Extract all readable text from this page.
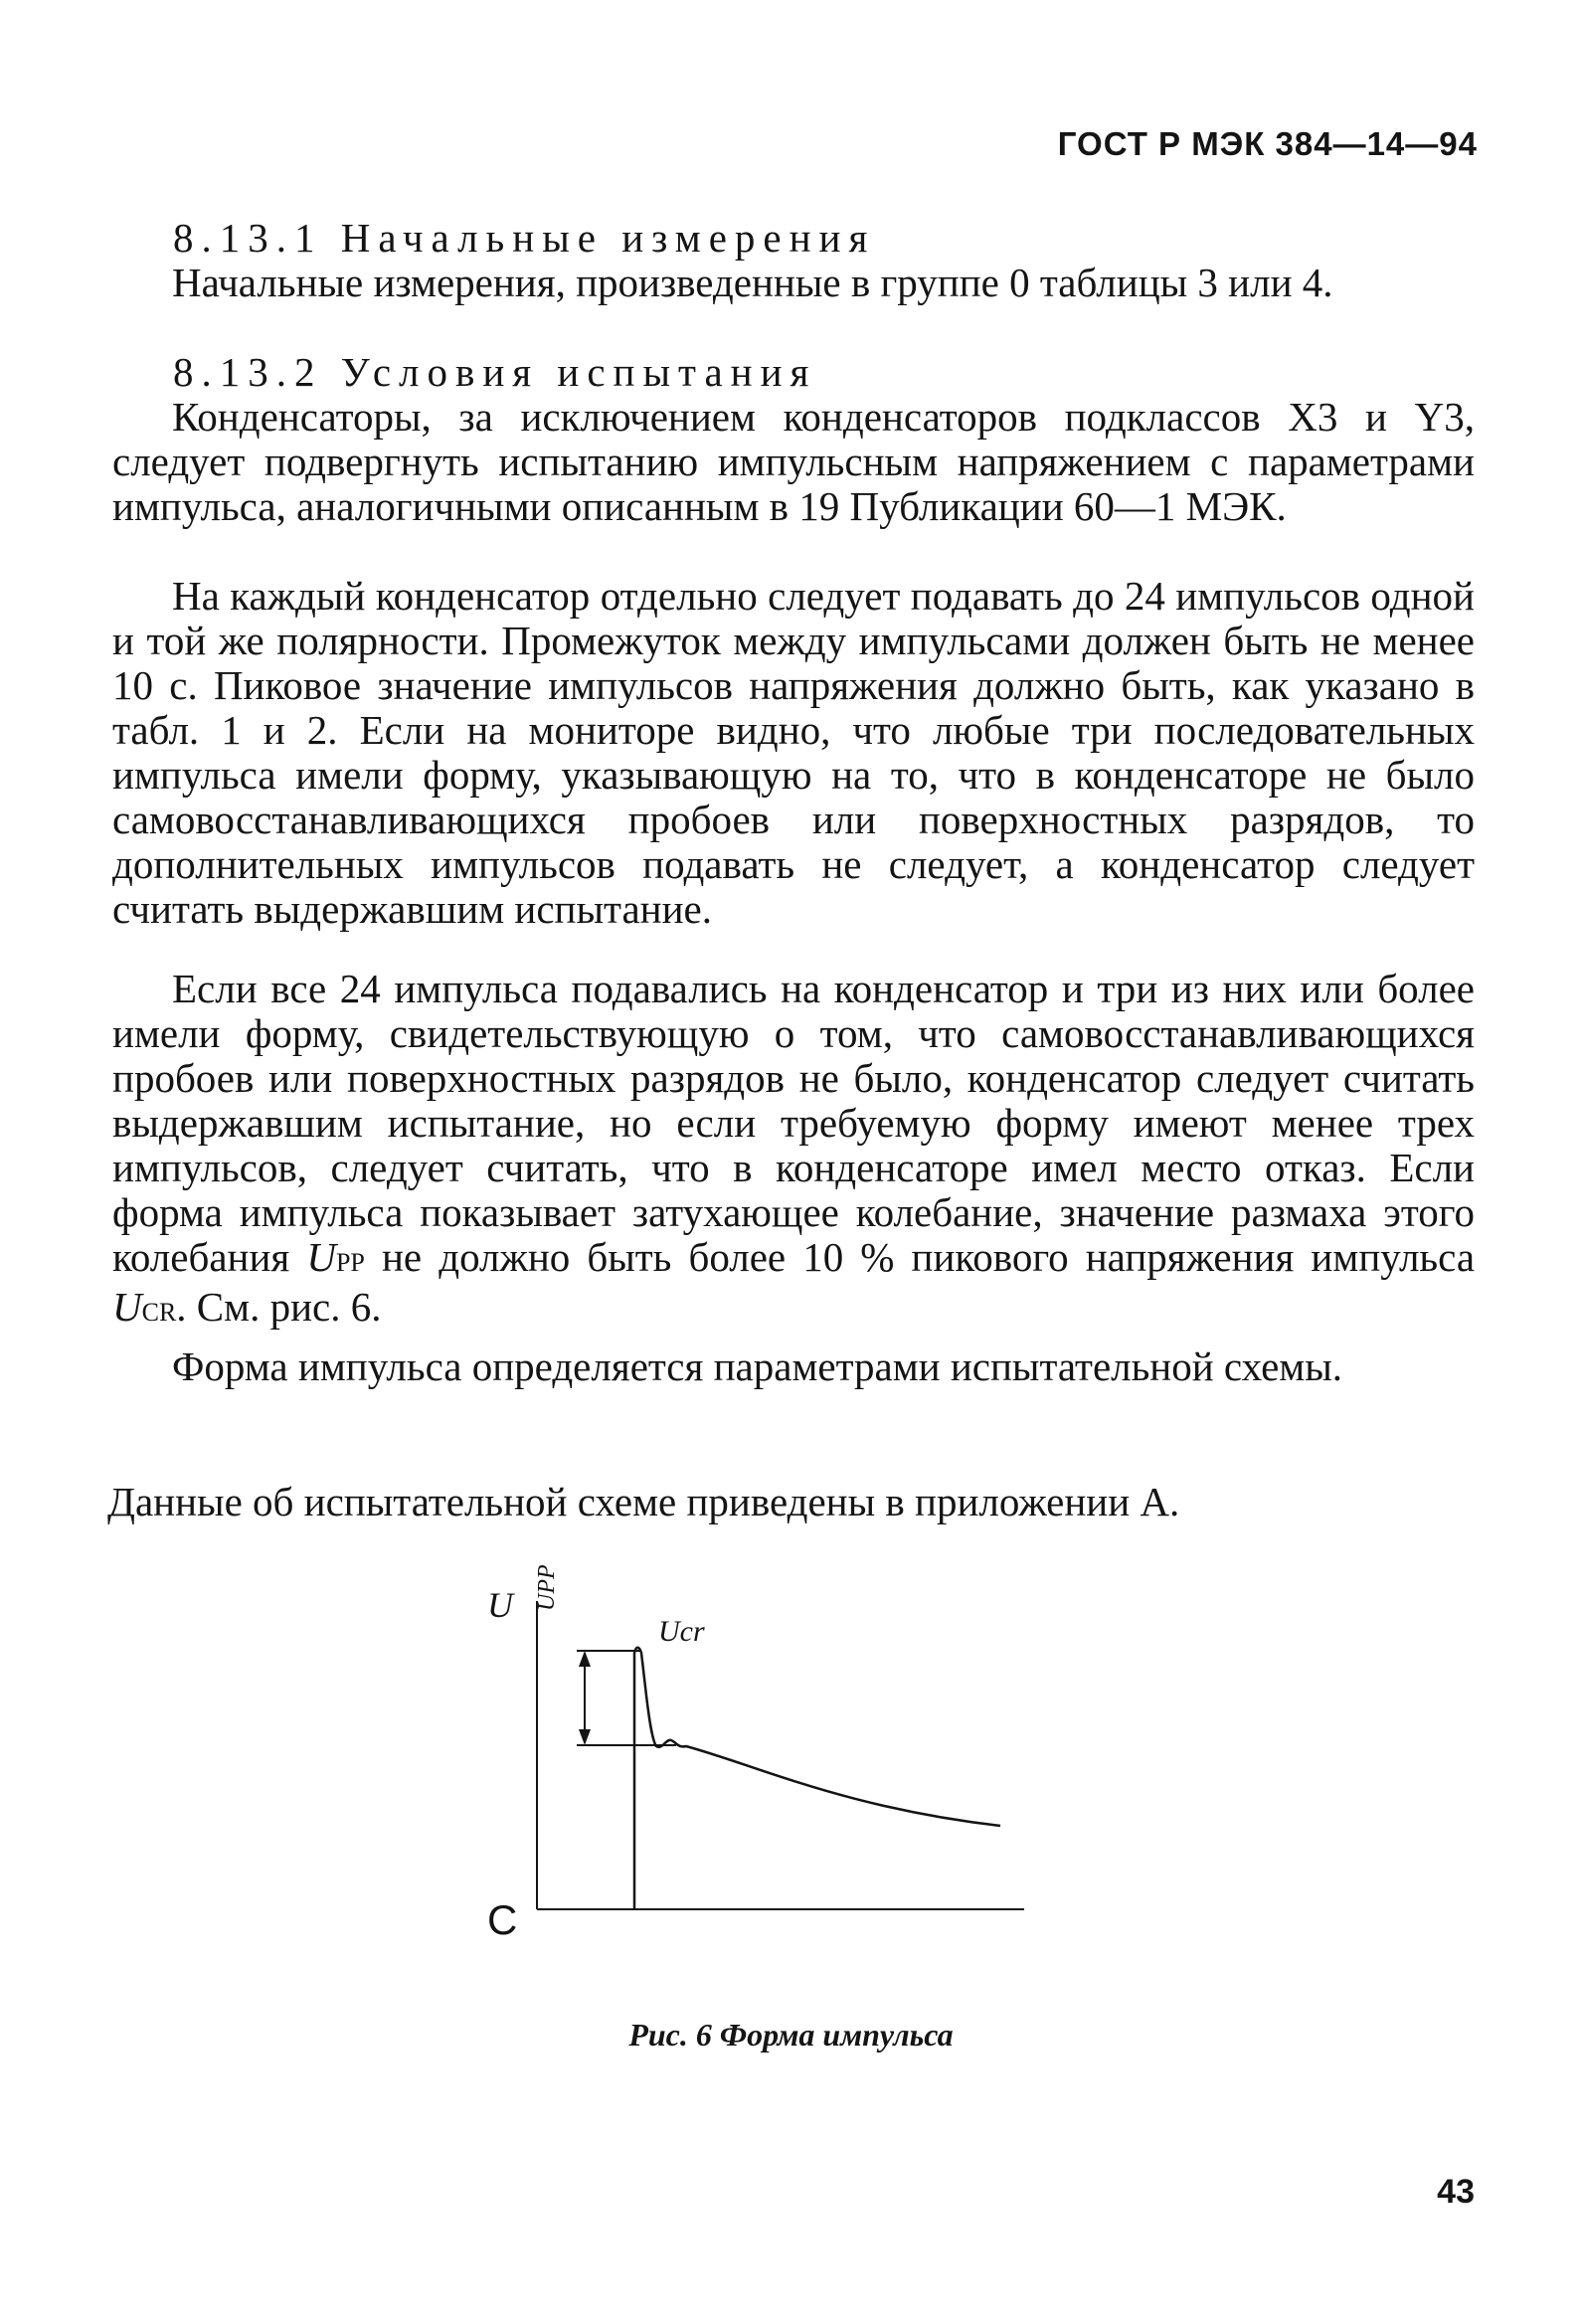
ГОСТ Р МЭК 384—14—94
8.13.1 Начальные измерения
Начальные измерения, произведенные в группе 0 таблицы 3 или 4.
8.13.2 Условия испытания
Конденсаторы, за исключением конденсаторов подклассов X3 и Y3, следует подвергнуть испытанию импульсным напряжением с параметрами импульса, аналогичными описанным в 19 Публикации 60—1 МЭК.
На каждый конденсатор отдельно следует подавать до 24 импульсов одной и той же полярности. Промежуток между импульсами должен быть не менее 10 с. Пиковое значение импульсов напряжения должно быть, как указано в табл. 1 и 2. Если на мониторе видно, что любые три последовательных импульса имели форму, указывающую на то, что в конденсаторе не было самовосстанавливающихся пробоев или поверхностных разрядов, то дополнительных импульсов подавать не следует, а конденсатор следует считать выдержавшим испытание.
Если все 24 импульса подавались на конденсатор и три из них или более имели форму, свидетельствующую о том, что самовосстанавливающихся пробоев или поверхностных разрядов не было, конденсатор следует считать выдержавшим испытание, но если требуемую форму имеют менее трех импульсов, следует считать, что в конденсаторе имел место отказ. Если форма импульса показывает затухающее колебание, значение размаха этого колебания UPP не должно быть более 10 % пикового напряжения импульса UCR. См. рис. 6.
Форма импульса определяется параметрами испытательной схемы.
Данные об испытательной схеме приведены в приложении А.
U
C
UPP
Ucr
Рис. 6 Форма импульса
43
